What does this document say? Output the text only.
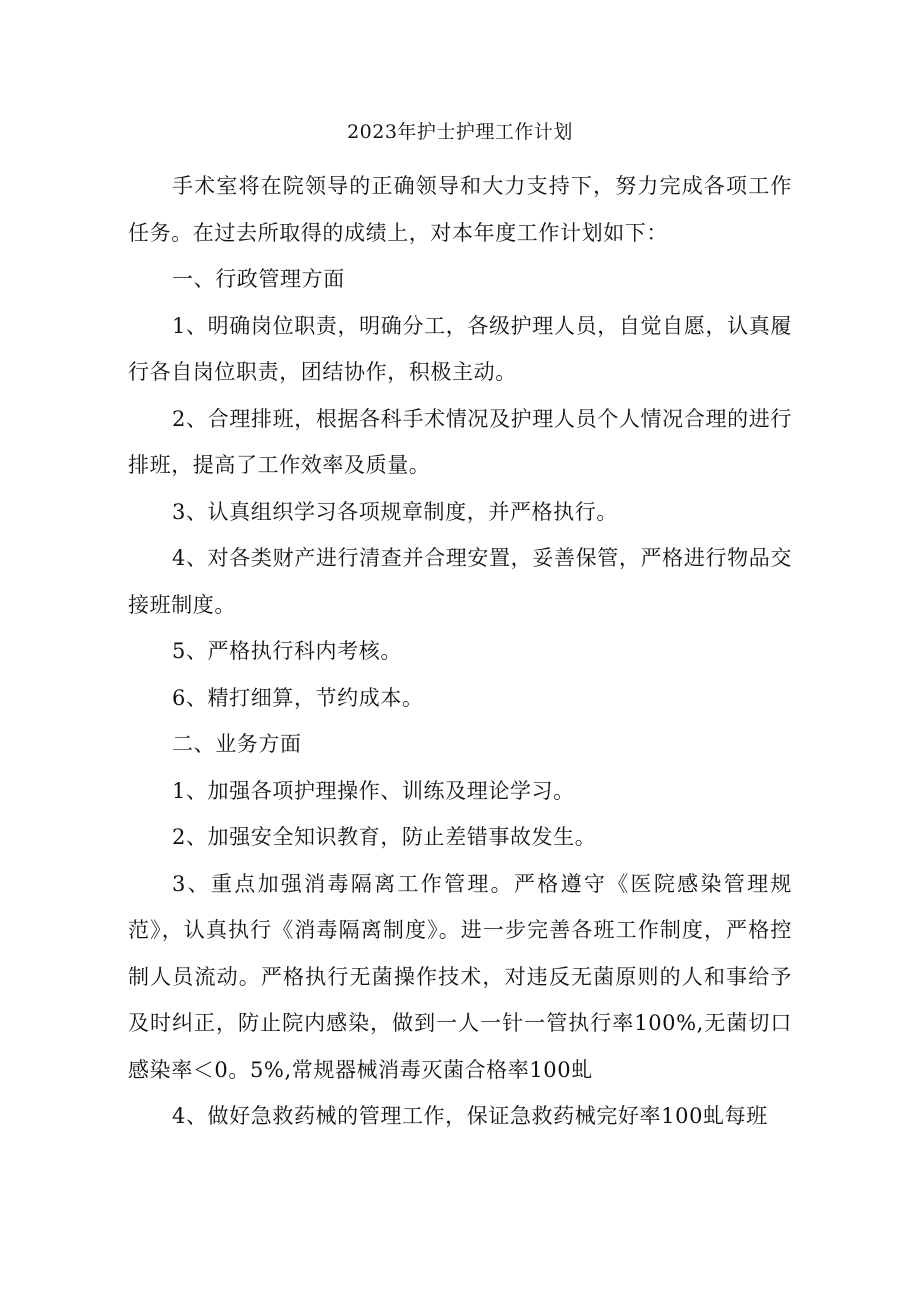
2023年护士护理工作计划

手术室将在院领导的正确领导和大力支持下，努力完成各项工作任务。在过去所取得的成绩上，对本年度工作计划如下：

一、行政管理方面

1、明确岗位职责，明确分工，各级护理人员，自觉自愿，认真履行各自岗位职责，团结协作，积极主动。

2、合理排班，根据各科手术情况及护理人员个人情况合理的进行排班，提高了工作效率及质量。

3、认真组织学习各项规章制度，并严格执行。

4、对各类财产进行清查并合理安置，妥善保管，严格进行物品交接班制度。

5、严格执行科内考核。

6、精打细算，节约成本。

二、业务方面

1、加强各项护理操作、训练及理论学习。

2、加强安全知识教育，防止差错事故发生。

3、重点加强消毒隔离工作管理。严格遵守《医院感染管理规范》，认真执行《消毒隔离制度》。进一步完善各班工作制度，严格控制人员流动。严格执行无菌操作技术，对违反无菌原则的人和事给予及时纠正，防止院内感染，做到一人一针一管执行率100%,无菌切口感染率＜0。5%,常规器械消毒灭菌合格率100虬

4、做好急救药械的管理工作，保证急救药械完好率100虬每班
